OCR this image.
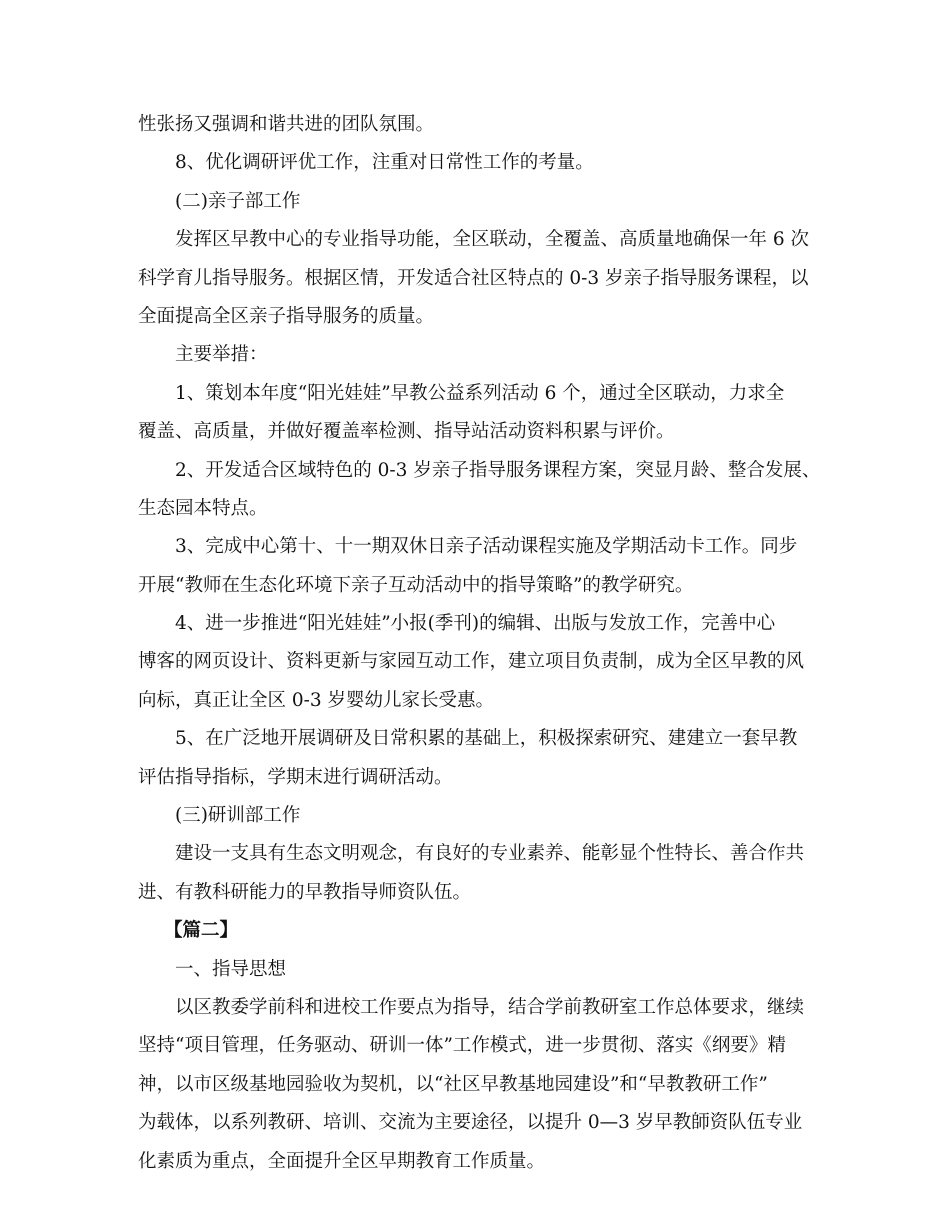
性张扬又强调和谐共进的团队氛围。
8、优化调研评优工作，注重对日常性工作的考量。
(二)亲子部工作
发挥区早教中心的专业指导功能，全区联动，全覆盖、高质量地确保一年 6 次
科学育儿指导服务。根据区情，开发适合社区特点的 0-3 岁亲子指导服务课程，以
全面提高全区亲子指导服务的质量。
主要举措：
1、策划本年度“阳光娃娃”早教公益系列活动 6 个，通过全区联动，力求全
覆盖、高质量，并做好覆盖率检测、指导站活动资料积累与评价。
2、开发适合区域特色的 0-3 岁亲子指导服务课程方案，突显月龄、整合发展、
生态园本特点。
3、完成中心第十、十一期双休日亲子活动课程实施及学期活动卡工作。同步
开展“教师在生态化环境下亲子互动活动中的指导策略”的教学研究。
4、进一步推进“阳光娃娃”小报(季刊)的编辑、出版与发放工作，完善中心
博客的网页设计、资料更新与家园互动工作，建立项目负责制，成为全区早教的风
向标，真正让全区 0-3 岁婴幼儿家长受惠。
5、在广泛地开展调研及日常积累的基础上，积极探索研究、建建立一套早教
评估指导指标，学期末进行调研活动。
(三)研训部工作
建设一支具有生态文明观念，有良好的专业素养、能彰显个性特长、善合作共
进、有教科研能力的早教指导师资队伍。
【篇二】
一、指导思想
以区教委学前科和进校工作要点为指导，结合学前教研室工作总体要求，继续
坚持“项目管理，任务驱动、研训一体”工作模式，进一步贯彻、落实《纲要》精
神，以市区级基地园验收为契机，以“社区早教基地园建设”和“早教教研工作”
为载体，以系列教研、培训、交流为主要途径，以提升 0—3 岁早教師资队伍专业
化素质为重点，全面提升全区早期教育工作质量。
